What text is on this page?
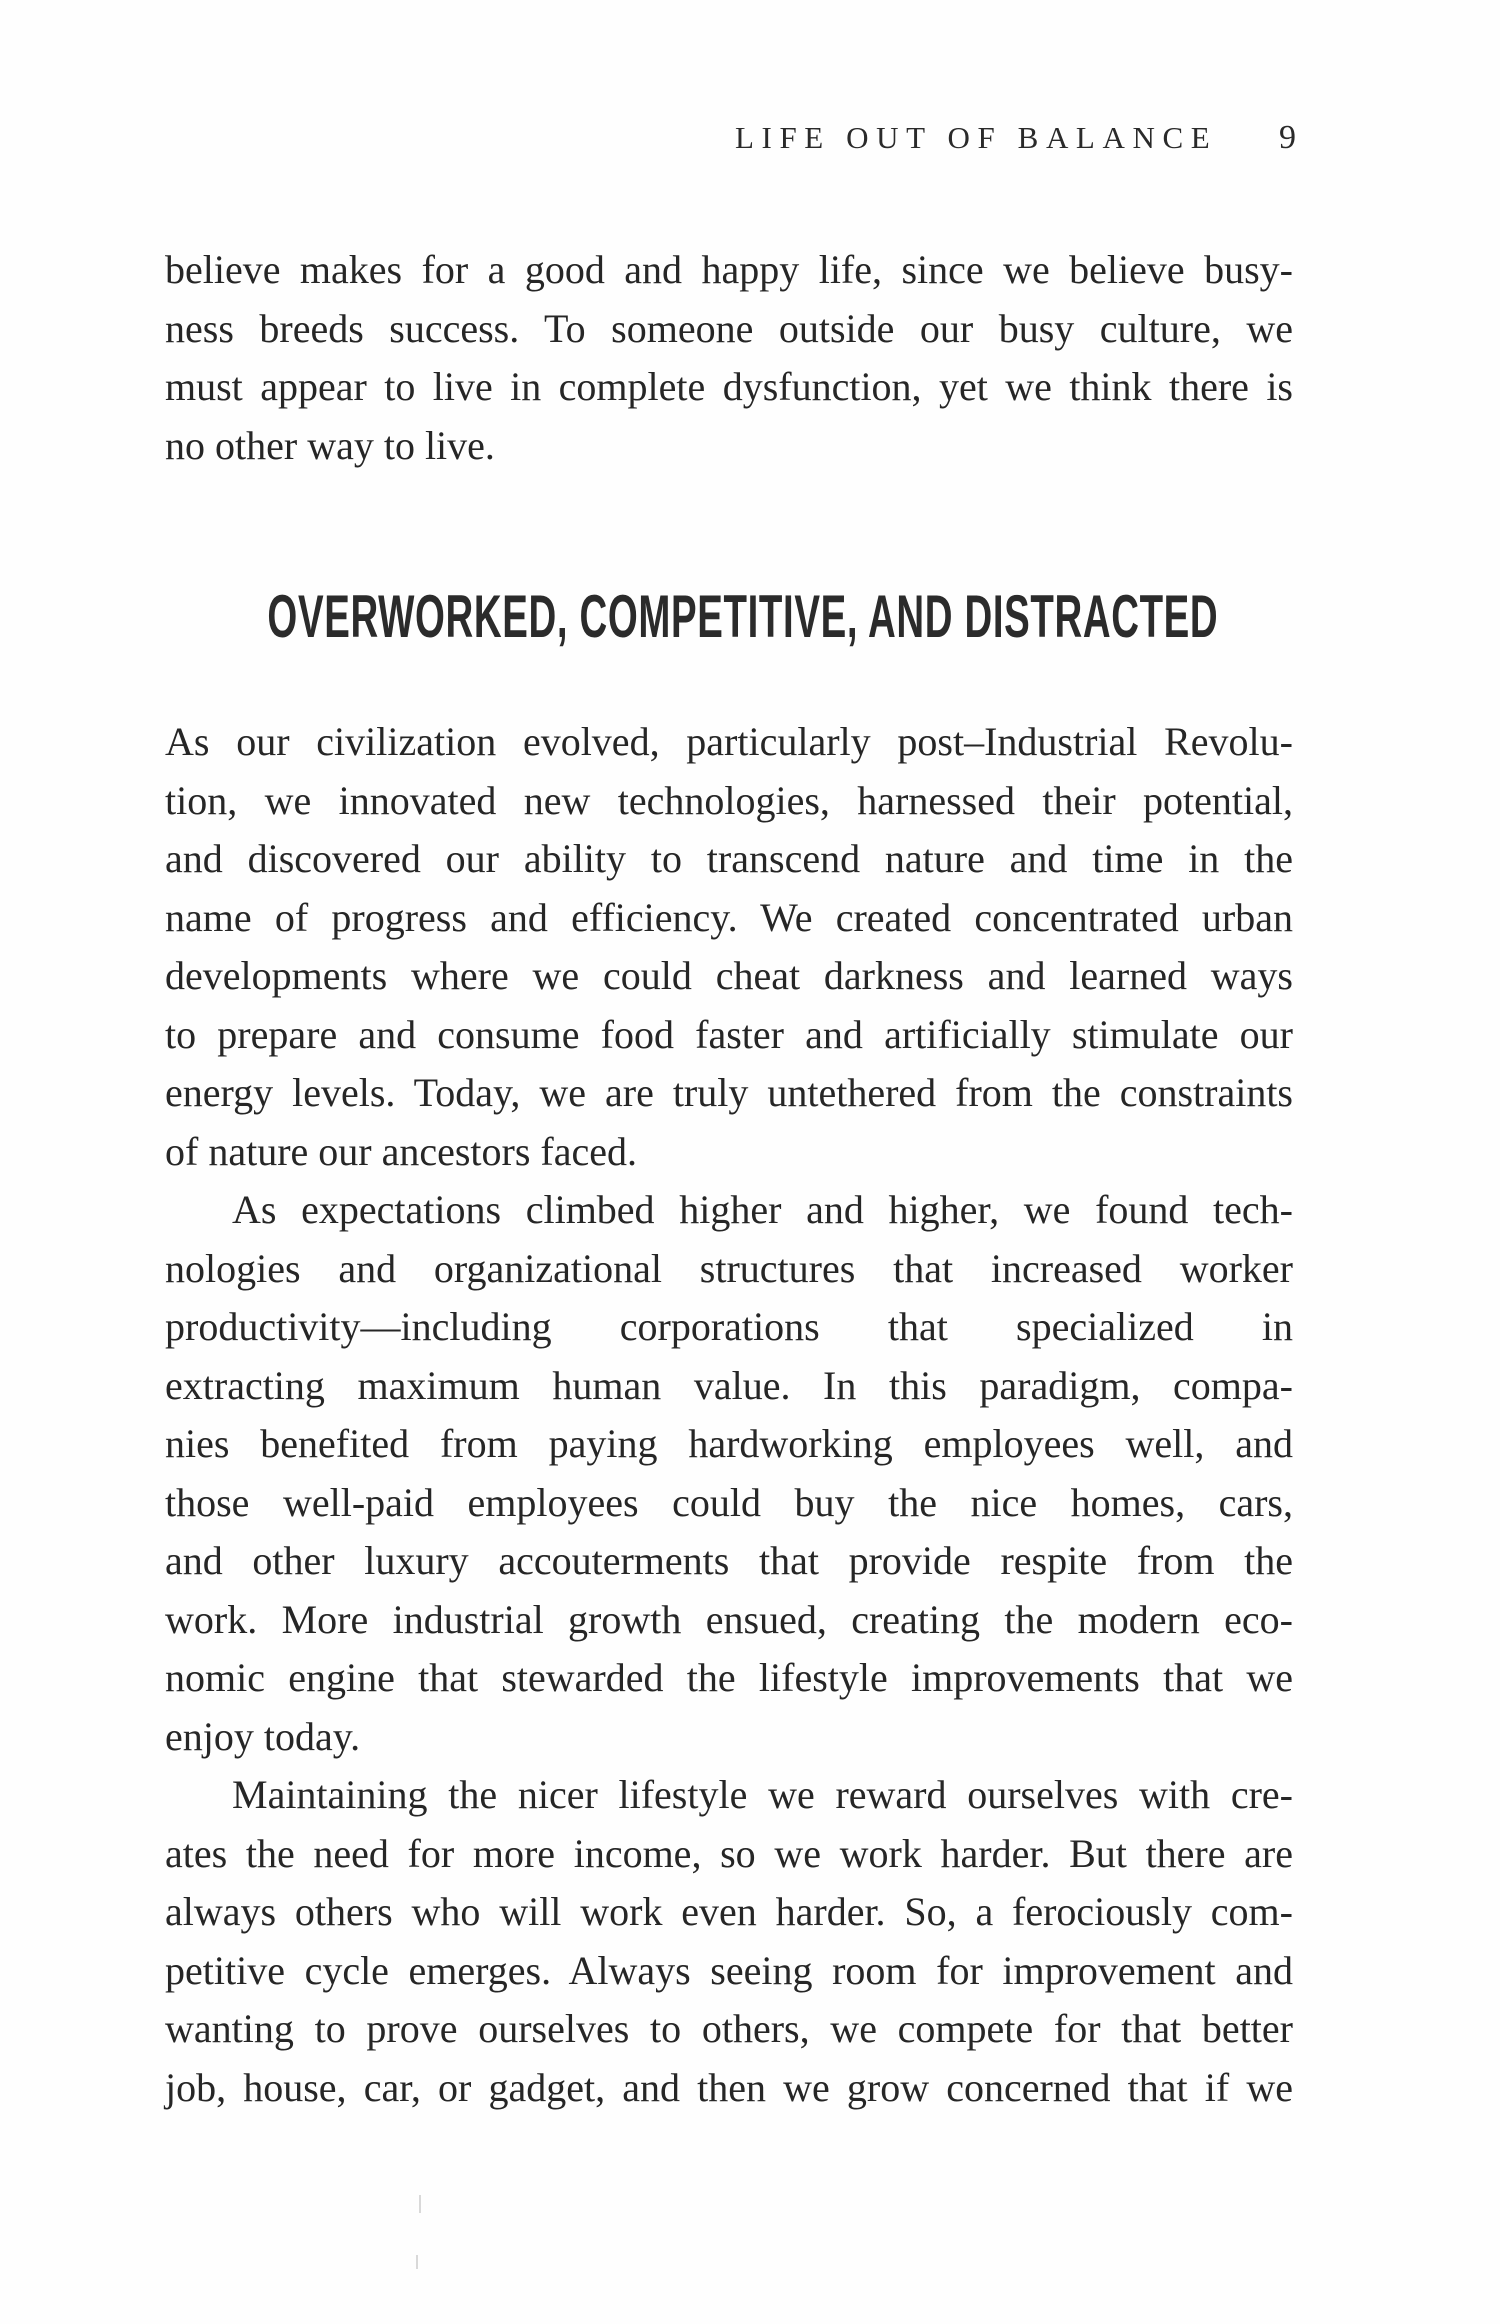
LIFE OUT OF BALANCE 9
believe makes for a good and happy life, since we believe busy-
ness breeds success. To someone outside our busy culture, we
must appear to live in complete dysfunction, yet we think there is
no other way to live.
OVERWORKED, COMPETITIVE, AND DISTRACTED
As our civilization evolved, particularly post–Industrial Revolu-
tion, we innovated new technologies, harnessed their potential,
and discovered our ability to transcend nature and time in the
name of progress and efficiency. We created concentrated urban
developments where we could cheat darkness and learned ways
to prepare and consume food faster and artificially stimulate our
energy levels. Today, we are truly untethered from the constraints
of nature our ancestors faced.
As expectations climbed higher and higher, we found tech-
nologies and organizational structures that increased worker
productivity—including corporations that specialized in
extracting maximum human value. In this paradigm, compa-
nies benefited from paying hardworking employees well, and
those well-paid employees could buy the nice homes, cars,
and other luxury accouterments that provide respite from the
work. More industrial growth ensued, creating the modern eco-
nomic engine that stewarded the lifestyle improvements that we
enjoy today.
Maintaining the nicer lifestyle we reward ourselves with cre-
ates the need for more income, so we work harder. But there are
always others who will work even harder. So, a ferociously com-
petitive cycle emerges. Always seeing room for improvement and
wanting to prove ourselves to others, we compete for that better
job, house, car, or gadget, and then we grow concerned that if we
